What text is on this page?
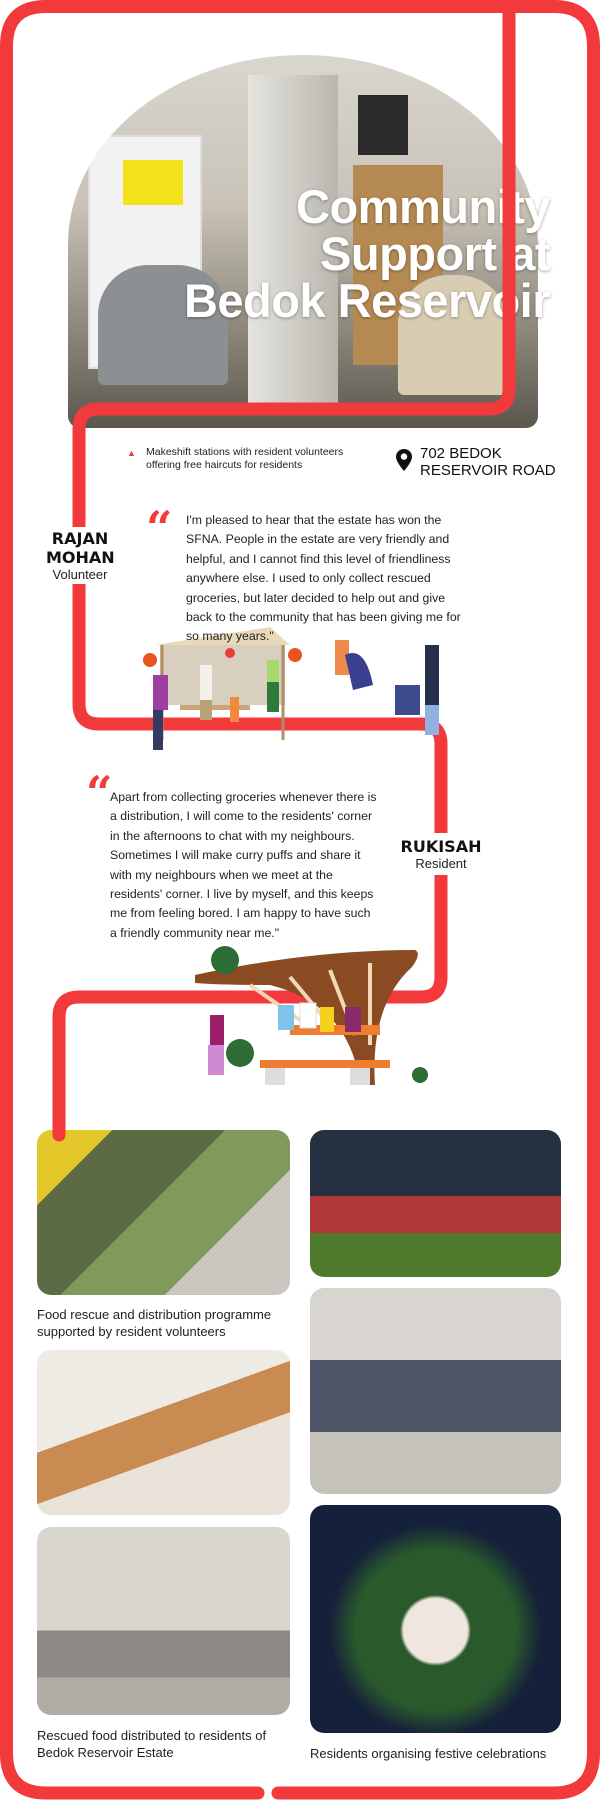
Community
Support at
Bedok Reservoir
▲ Makeshift stations with resident volunteers offering free haircuts for residents
702 BEDOK
RESERVOIR ROAD
RAJAN
MOHAN
Volunteer
“ I'm pleased to hear that the estate has won the SFNA. People in the estate are very friendly and helpful, and I cannot find this level of friendliness anywhere else. I used to only collect rescued groceries, but later decided to help out and give back to the community that has been giving me for so many years."
“
Apart from collecting groceries whenever there is a distribution, I will come to the residents' corner in the afternoons to chat with my neighbours. Sometimes I will make curry puffs and share it with my neighbours when we meet at the residents' corner. I live by myself, and this keeps me from feeling bored. I am happy to have such a friendly community near me."
RUKISAH
Resident
Food rescue and distribution programme supported by resident volunteers
Rescued food distributed to residents of Bedok Reservoir Estate	Residents organising festive celebrations
